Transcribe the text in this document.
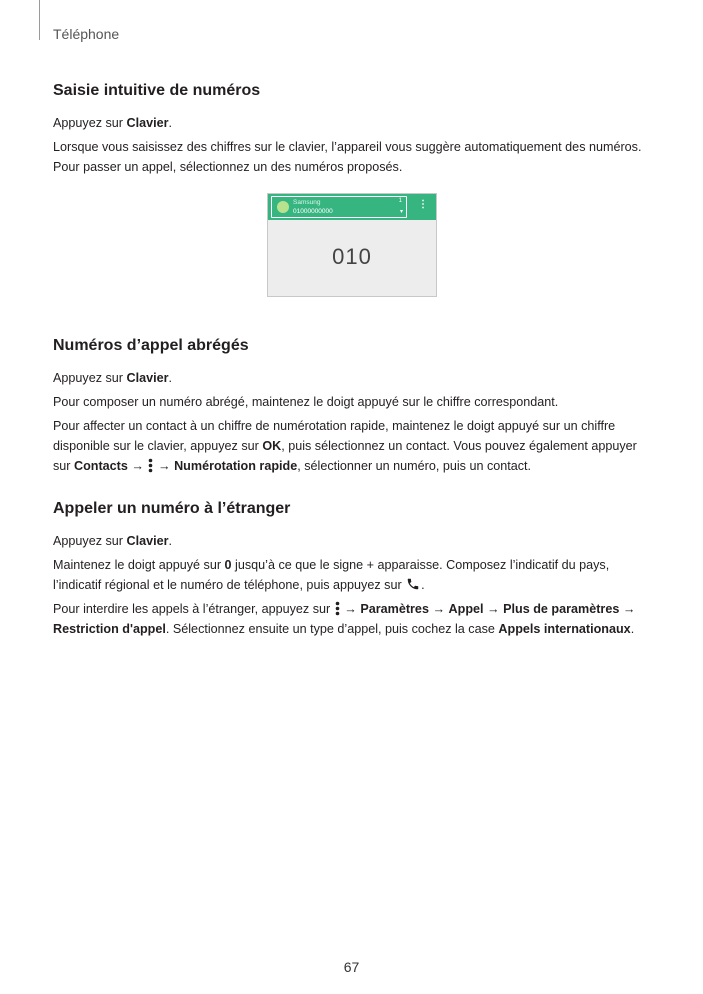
Téléphone
Saisie intuitive de numéros

Appuyez sur Clavier.

Lorsque vous saisissez des chiffres sur le clavier, l’appareil vous suggère automatiquement des numéros. Pour passer un appel, sélectionnez un des numéros proposés.

Samsung
01000000000
1
▾
⋮
010
Numéros d’appel abrégés

Appuyez sur Clavier.

Pour composer un numéro abrégé, maintenez le doigt appuyé sur le chiffre correspondant.

Pour affecter un contact à un chiffre de numérotation rapide, maintenez le doigt appuyé sur un chiffre disponible sur le clavier, appuyez sur OK, puis sélectionnez un contact. Vous pouvez également appuyer sur Contacts →
→ Numérotation rapide, sélectionner un numéro, puis un contact.

Appeler un numéro à l’étranger

Appuyez sur Clavier.

Maintenez le doigt appuyé sur 0 jusqu’à ce que le signe + apparaisse. Composez l’indicatif du pays, l’indicatif régional et le numéro de téléphone, puis appuyez sur .

Pour interdire les appels à l’étranger, appuyez sur
→ Paramètres → Appel → Plus de paramètres → Restriction d'appel. Sélectionnez ensuite un type d’appel, puis cochez la case Appels internationaux.

67
